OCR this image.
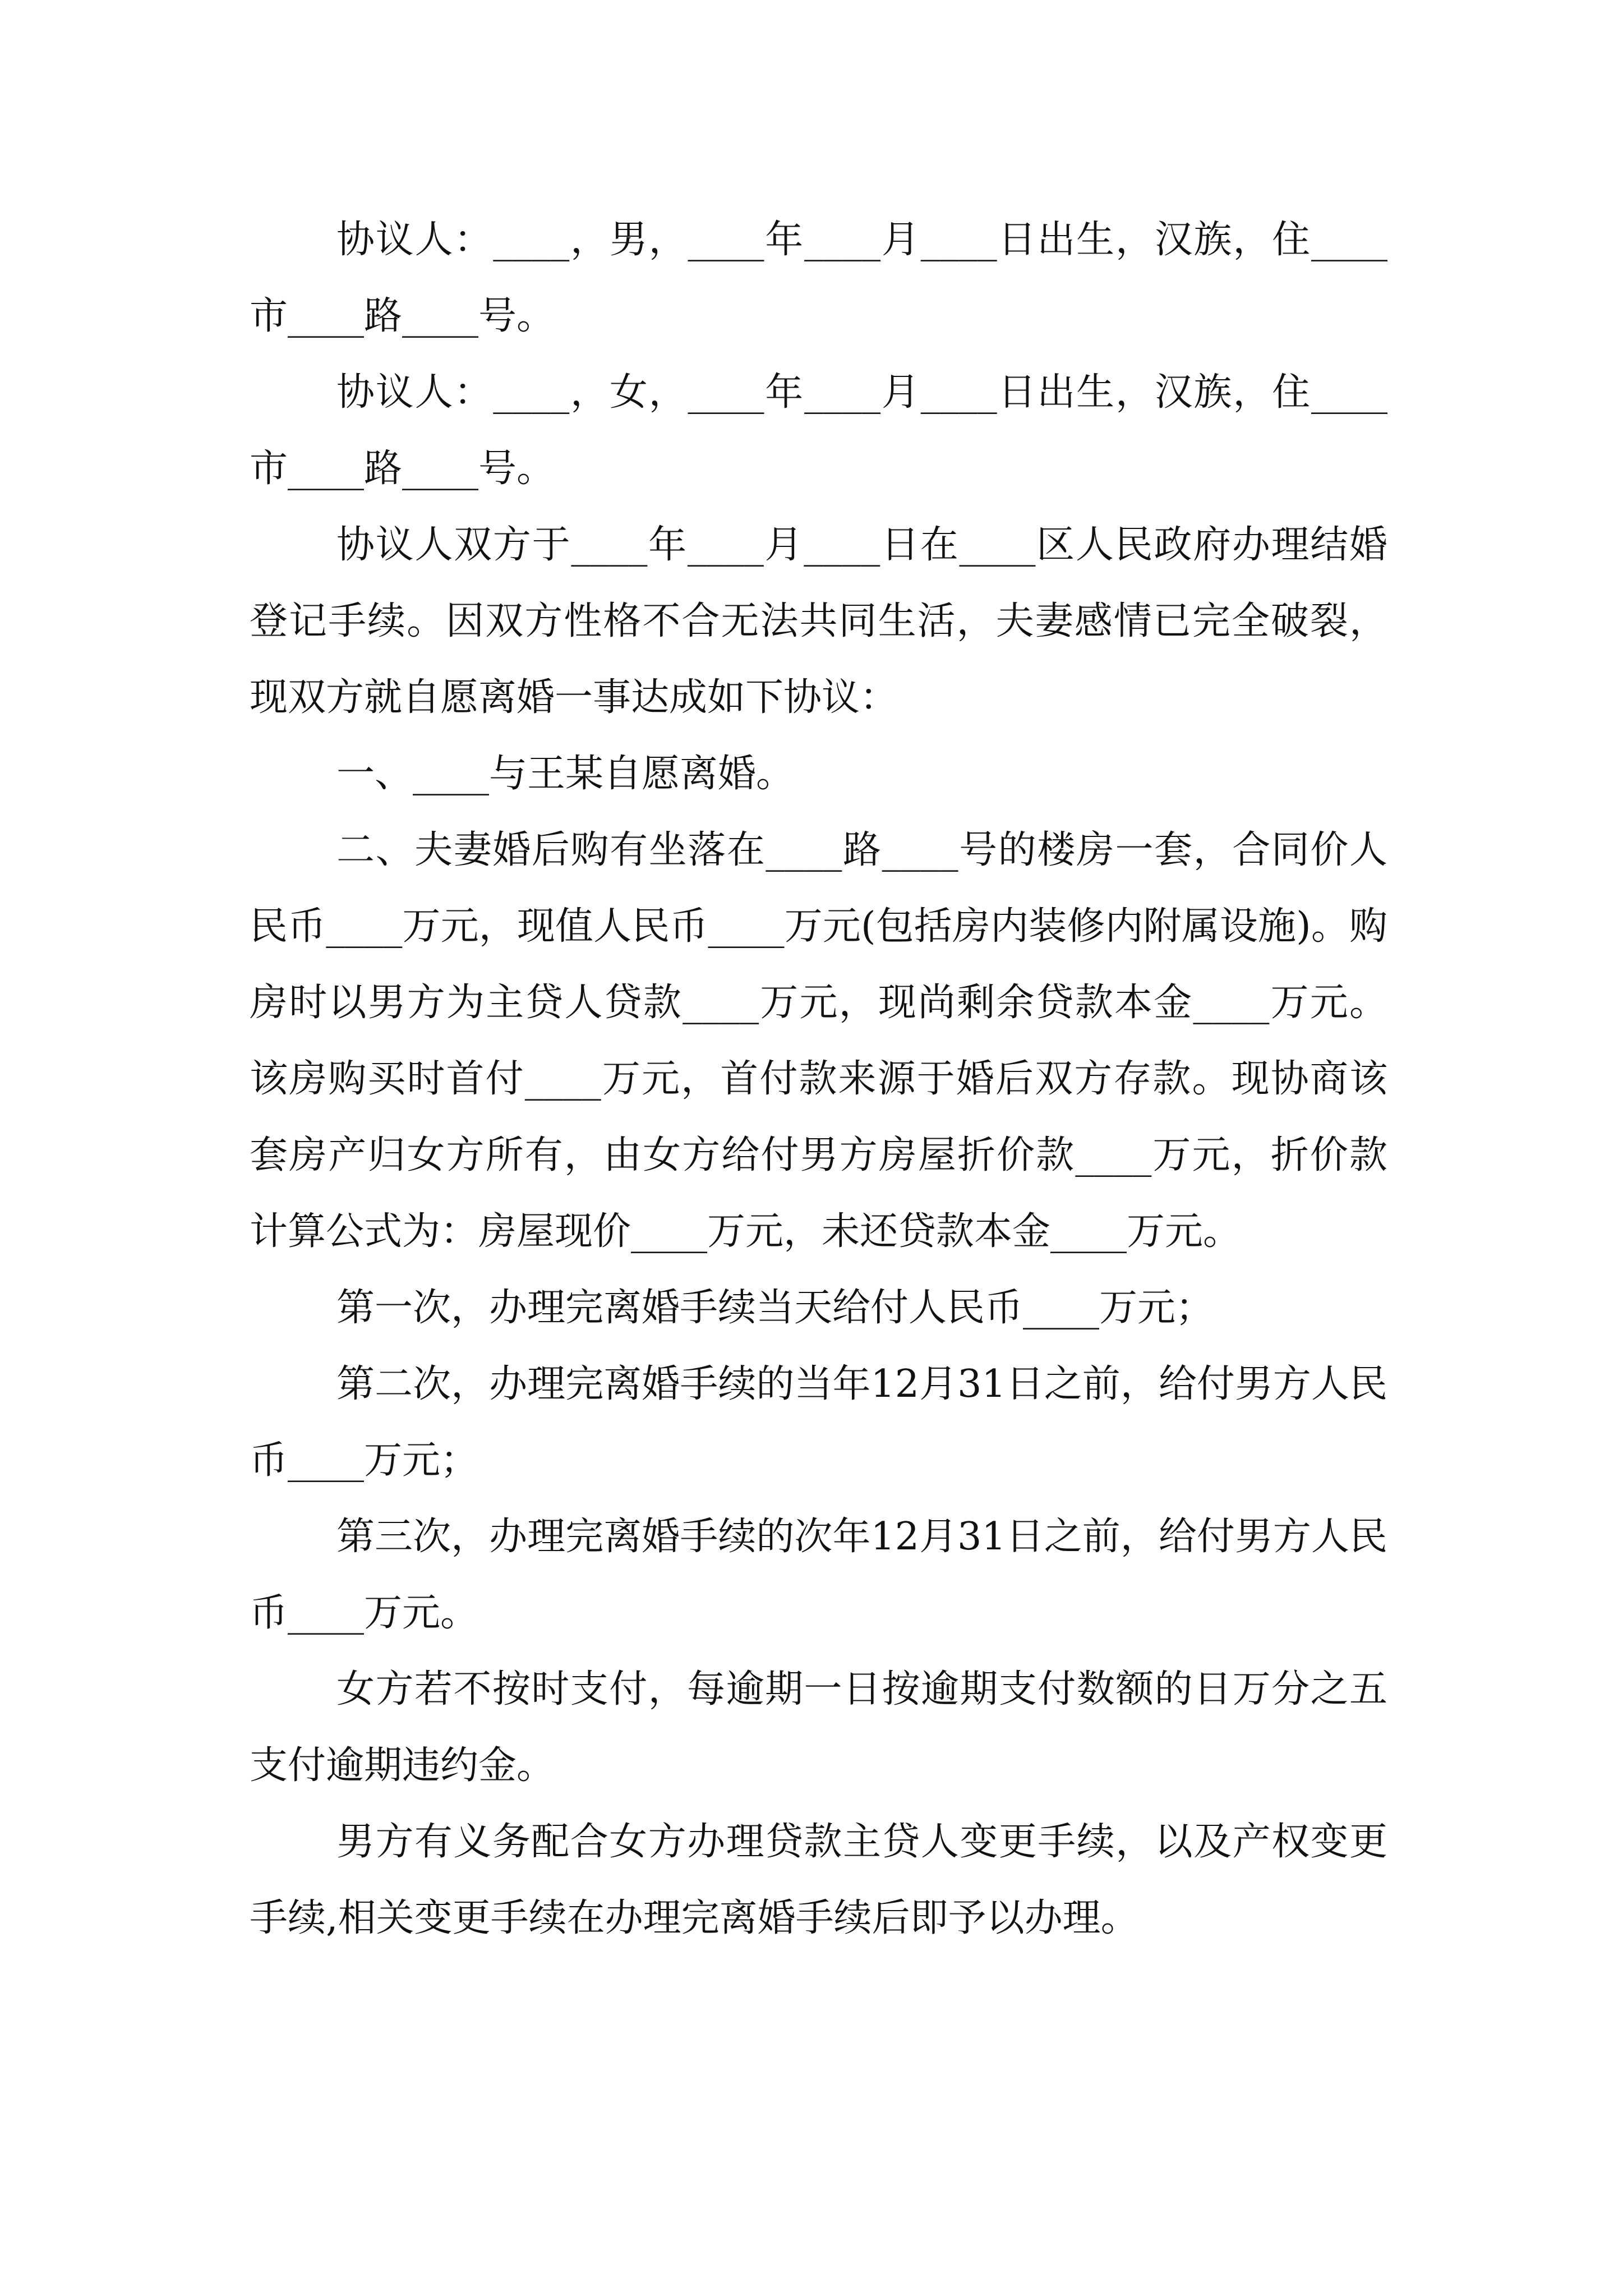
协议人：____，男，____年____月____日出生，汉族，住____市____路____号。

协议人：____，女，____年____月____日出生，汉族，住____市____路____号。

协议人双方于____年____月____日在____区人民政府办理结婚登记手续。因双方性格不合无法共同生活，夫妻感情已完全破裂，现双方就自愿离婚一事达成如下协议：

一、____与王某自愿离婚。

二、夫妻婚后购有坐落在____路____号的楼房一套，合同价人民币____万元，现值人民币____万元(包括房内装修内附属设施)。购房时以男方为主贷人贷款____万元，现尚剩余贷款本金____万元。该房购买时首付____万元，首付款来源于婚后双方存款。现协商该套房产归女方所有，由女方给付男方房屋折价款____万元，折价款计算公式为：房屋现价____万元，未还贷款本金____万元。

第一次，办理完离婚手续当天给付人民币____万元；

第二次，办理完离婚手续的当年12月31日之前，给付男方人民币____万元；

第三次，办理完离婚手续的次年12月31日之前，给付男方人民币____万元。

女方若不按时支付，每逾期一日按逾期支付数额的日万分之五支付逾期违约金。

男方有义务配合女方办理贷款主贷人变更手续，以及产权变更手续,相关变更手续在办理完离婚手续后即予以办理。
